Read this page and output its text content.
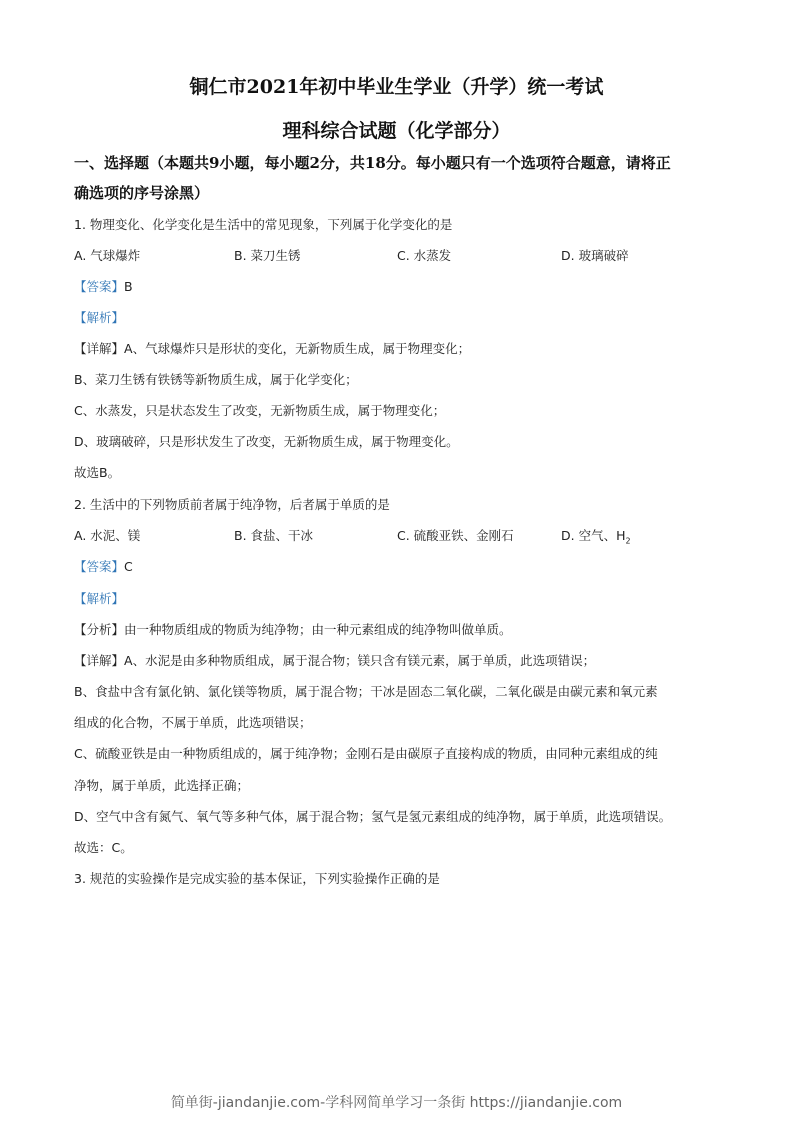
铜仁市2021年初中毕业生学业（升学）统一考试
理科综合试题（化学部分）
一、选择题（本题共9小题，每小题2分，共18分。每小题只有一个选项符合题意，请将正
确选项的序号涂黑）
1. 物理变化、化学变化是生活中的常见现象，下列属于化学变化的是
A. 气球爆炸	B. 菜刀生锈	C. 水蒸发	D. 玻璃破碎
【答案】B
【解析】
【详解】A、气球爆炸只是形状的变化，无新物质生成，属于物理变化；
B、菜刀生锈有铁锈等新物质生成，属于化学变化；
C、水蒸发，只是状态发生了改变，无新物质生成，属于物理变化；
D、玻璃破碎，只是形状发生了改变，无新物质生成，属于物理变化。
故选B。
2. 生活中的下列物质前者属于纯净物，后者属于单质的是
A. 水泥、镁	B. 食盐、干冰	C. 硫酸亚铁、金刚石	D. 空气、$H_2$
【答案】C
【解析】
【分析】由一种物质组成的物质为纯净物；由一种元素组成的纯净物叫做单质。
【详解】A、水泥是由多种物质组成，属于混合物；镁只含有镁元素，属于单质，此选项错误；
B、食盐中含有氯化钠、氯化镁等物质，属于混合物；干冰是固态二氧化碳，二氧化碳是由碳元素和氧元素
组成的化合物，不属于单质，此选项错误；
C、硫酸亚铁是由一种物质组成的，属于纯净物；金刚石是由碳原子直接构成的物质，由同种元素组成的纯
净物，属于单质，此选择正确；
D、空气中含有氮气、氧气等多种气体，属于混合物；氢气是氢元素组成的纯净物，属于单质，此选项错误。
故选：C。
3. 规范的实验操作是完成实验的基本保证，下列实验操作正确的是
简单街-jiandanjie.com-学科网简单学习一条街 https://jiandanjie.com
